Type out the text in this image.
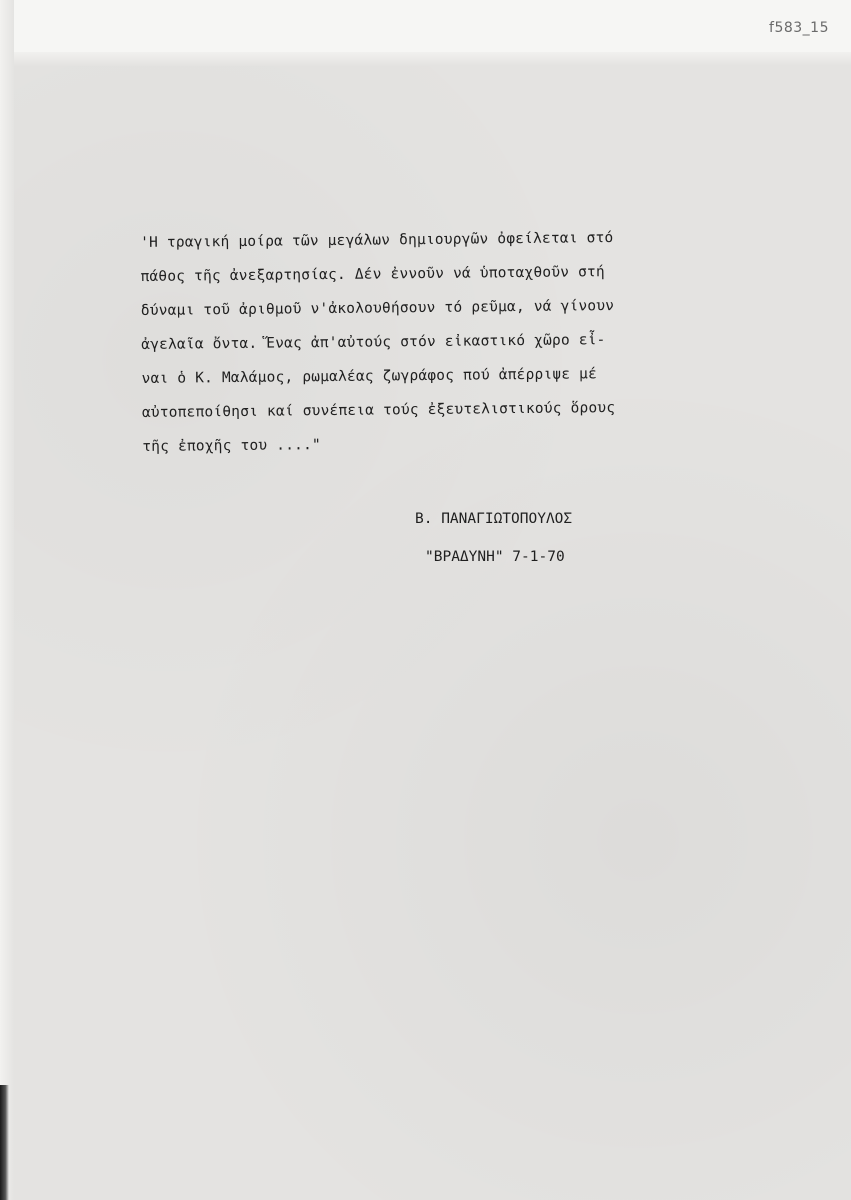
f583_15
'Η τραγική μοίρα τῶν μεγάλων δημιουργῶν ὀφείλεται στό
πάθος τῆς ἀνεξαρτησίας. Δέν ἐννοῦν νά ὑποταχθοῦν στή
δύναμι τοῦ ἀριθμοῦ ν'ἀκολουθήσουν τό ρεῦμα, νά γίνουν
ἀγελαῖα ὄντα. Ἕνας ἀπ'αὐτούς στόν εἰκαστικό χῶρο εἶ-
ναι ὁ Κ. Μαλάμος, ρωμαλέας ζωγράφος πού ἀπέρριψε μέ
αὐτοπεποίθησι καί συνέπεια τούς ἐξευτελιστικούς ὅρους
τῆς ἐποχῆς του ...."
Β. ΠΑΝΑΓΙΩΤΟΠΟΥΛΟΣ
"ΒΡΑΔΥΝΗ" 7-1-70
